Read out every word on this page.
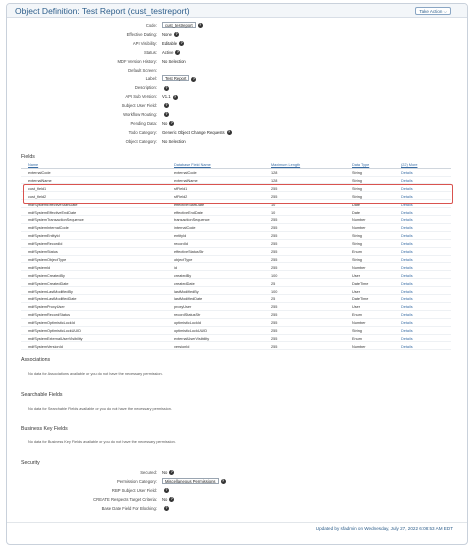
Object Definition: Test Report (cust_testreport)	Take Action ⌵
Code:	cust_testreport ?
Effective Dating: None ?
API Visibility: Editable ?
Status: Active ?
MDF Version History: No Selection
Default Screen:
Label:	Test Report ?
Description:	?
API Sub Version: V1.1 ?
Subject User Field:	?
Workflow Routing:	?
Pending Data: No ?
Todo Category: Generic Object Change Requests ?
Object Category: No Selection
Fields
Name	Database Field Name	Maximum Length	Data Type	(22) More
externalCode	externalCode	128	String	Details
externalName	externalName	128	String	Details
cust_field1	sfField1	255	String	Details
cust_field2	sfField2	255	String	Details
mdfSystemEffectiveStartDate	effectiveStartDate	10	Date	Details
mdfSystemEffectiveEndDate	effectiveEndDate	10	Date	Details
mdfSystemTransactionSequence	transactionSequence	255	Number	Details
mdfSystemInternalCode	internalCode	255	Number	Details
mdfSystemEntityId	entityId	255	String	Details
mdfSystemRecordId	recordId	255	String	Details
mdfSystemStatus	effectiveStatusStr	255	Enum	Details
mdfSystemObjectType	objectType	255	String	Details
mdfSystemId	id	255	Number	Details
mdfSystemCreatedBy	createdBy	100	User	Details
mdfSystemCreatedDate	createdDate	25	DateTime	Details
mdfSystemLastModifiedBy	lastModifiedBy	100	User	Details
mdfSystemLastModifiedDate	lastModifiedDate	25	DateTime	Details
mdfSystemProxyUser	proxyUser	255	User	Details
mdfSystemRecordStatus	recordStatusStr	255	Enum	Details
mdfSystemOptimisticLockId	optimisticLockId	255	Number	Details
mdfSystemOptimisticLockUUID	optimisticLockUUID	255	String	Details
mdfSystemExternalUserVisibility	externalUserVisibility	255	Enum	Details
mdfSystemVersionId	versionId	255	Number	Details
Associations
No data for Associations available or you do not have the necessary permission.
Searchable Fields
No data for Searchable Fields available or you do not have the necessary permission.
Business Key Fields
No data for Business Key Fields available or you do not have the necessary permission.
Security
Secured: No ?
Permission Category:	Miscellaneous Permissions ?
RBP Subject User Field:	?
CREATE Respects Target Criteria: No ?
Base Date Field For Blocking:	?
Updated by sfadmin on Wednesday, July 27, 2022 6:08:53 AM EDT
